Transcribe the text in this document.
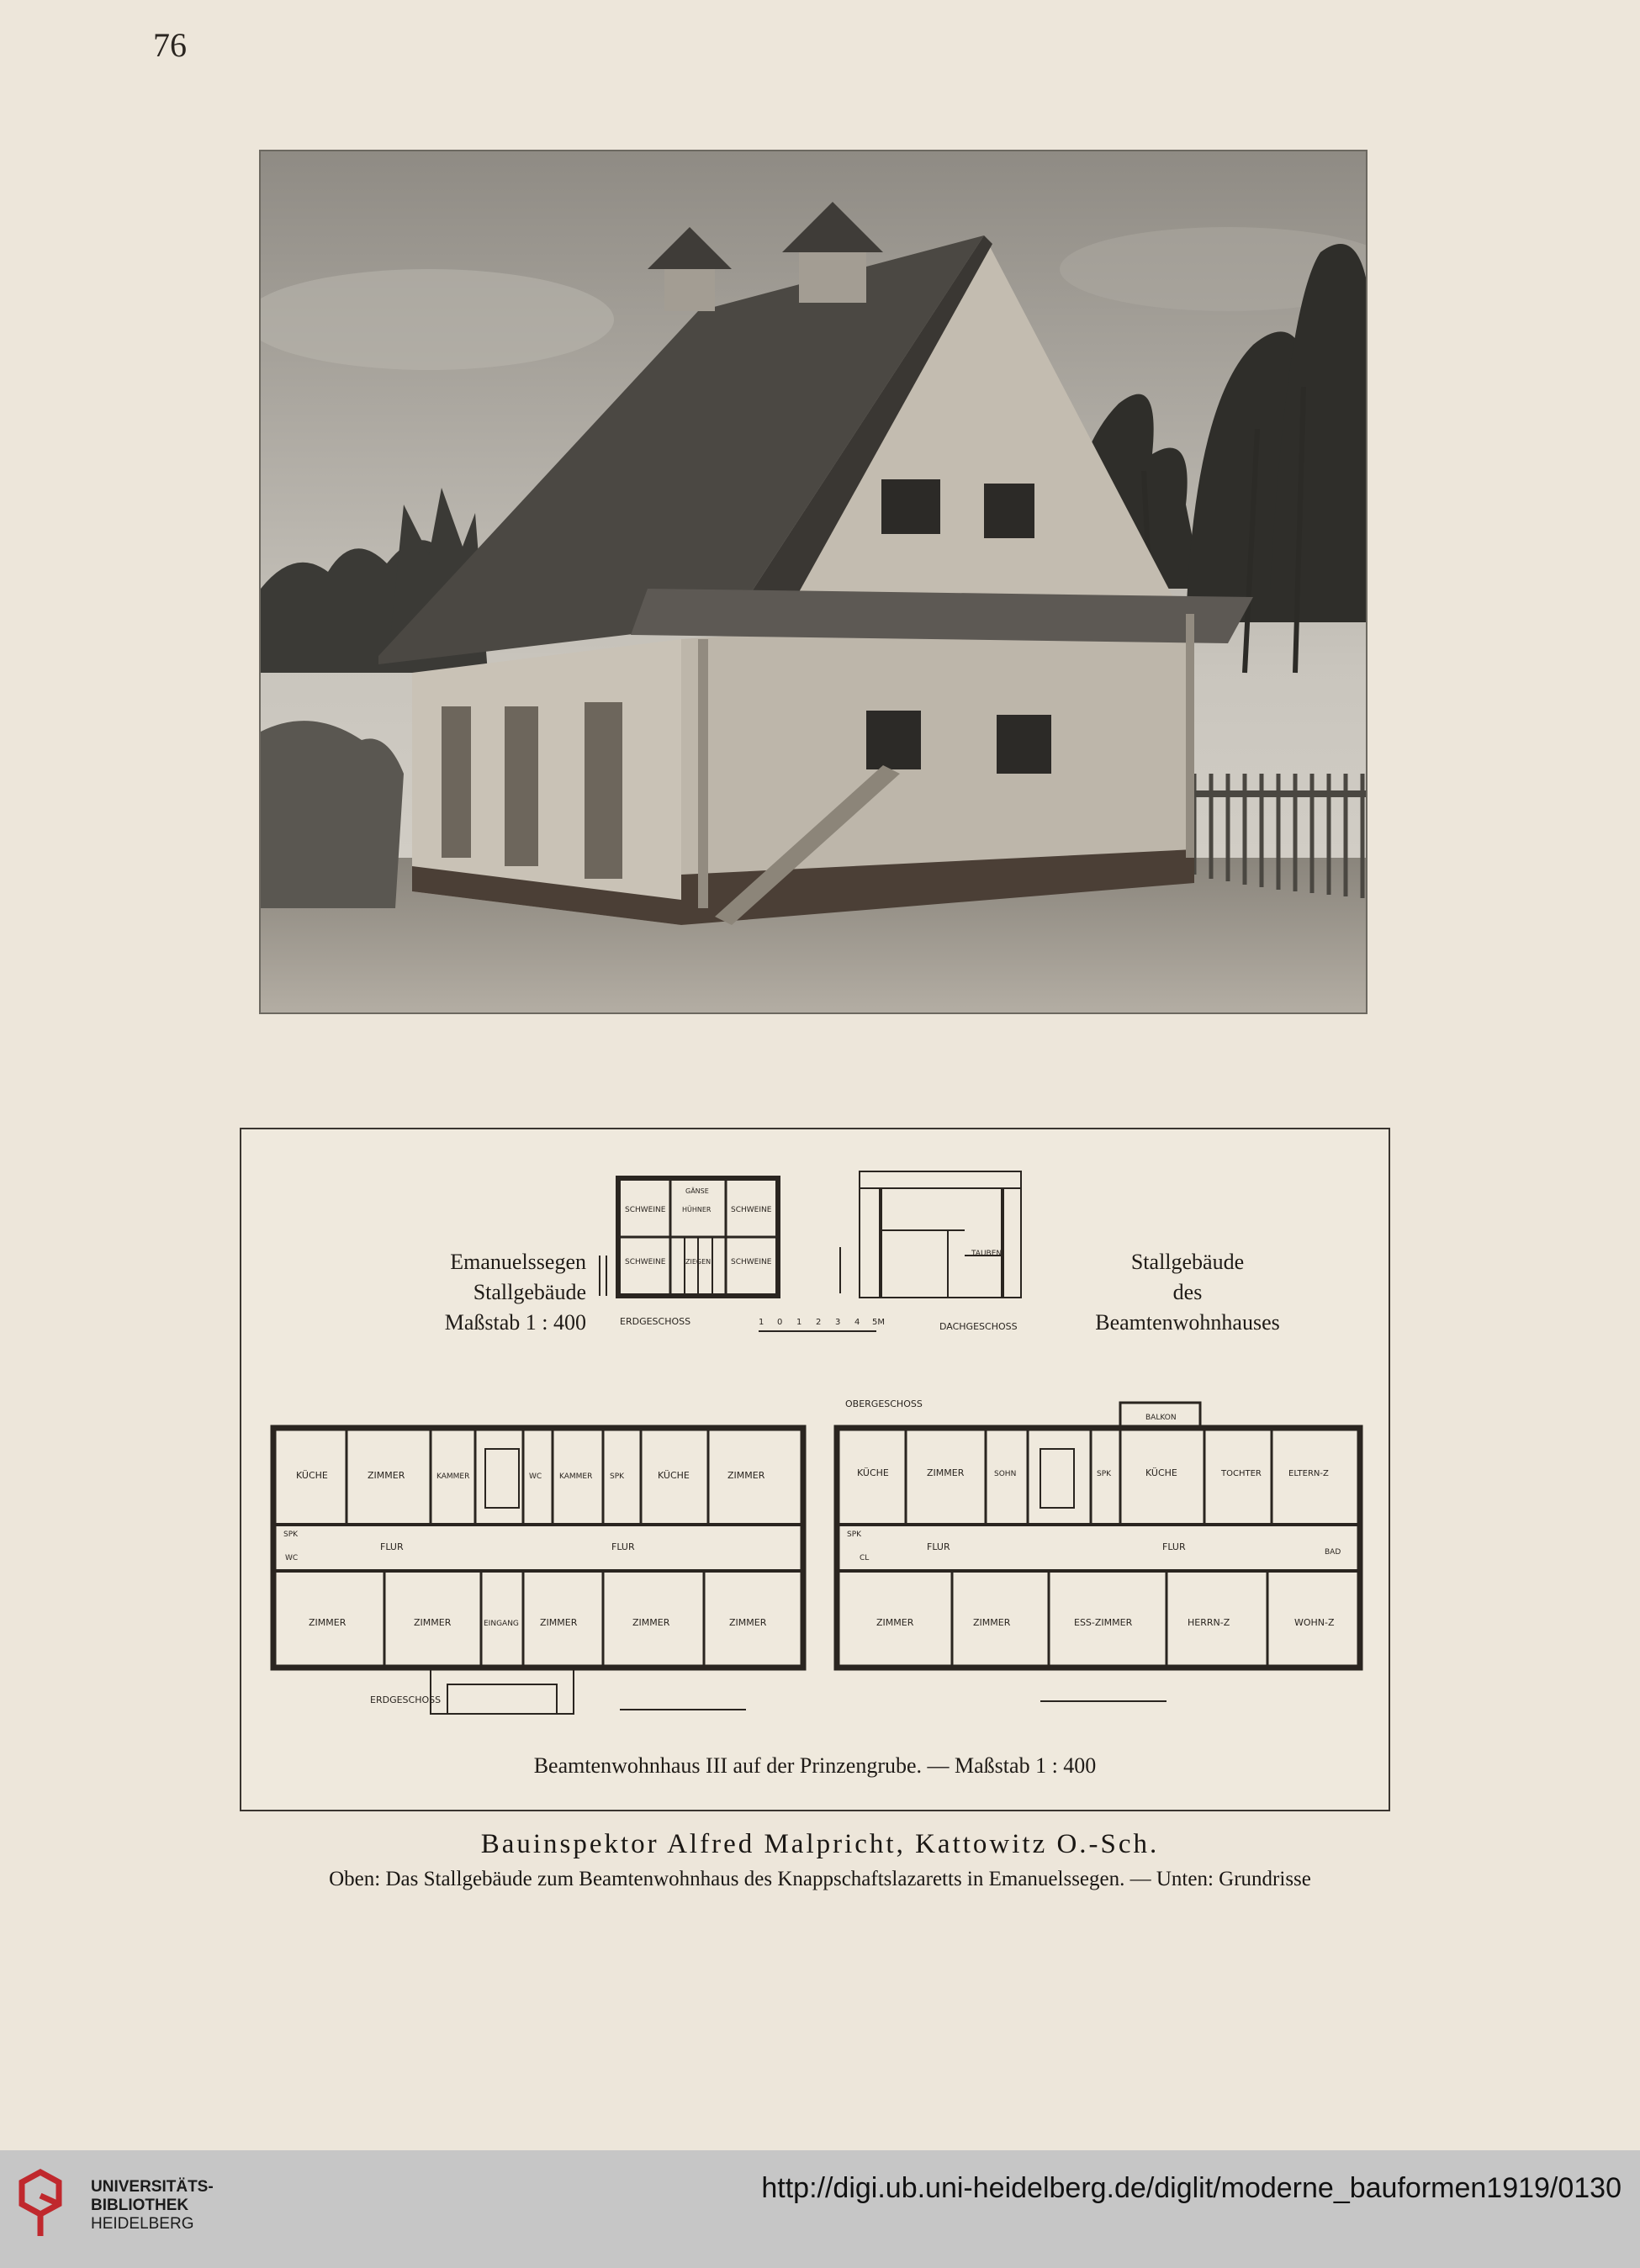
76
ERDGESCHOSS	DACHGESCHOSS
SCHWEINE	SCHWEINE
SCHWEINE	SCHWEINE
GÄNSE
HÜHNER
ZIEGEN
TAUBEN
OBERGESCHOSS
ERDGESCHOSS
BALKON
KÜCHE	ZIMMER	KAMMER	WC KAMMER SPK	KÜCHE	ZIMMER
SPK
WC
FLUR	FLUR
ZIMMER	ZIMMER	EINGANG ZIMMER	ZIMMER	ZIMMER
KÜCHE	ZIMMER	SOHN	SPK	KÜCHE	TOCHTER	ELTERN-Z
SPK
CL
FLUR	FLUR	BAD
ZIMMER	ZIMMER	ESS-ZIMMER	HERRN-Z	WOHN-Z
1 0 1 2 3 4 5M
Emanuelssegen
Stallgebäude
Maßstab 1 : 400
Stallgebäude
des
Beamtenwohnhauses
Beamtenwohnhaus III auf der Prinzengrube. — Maßstab 1 : 400
Bauinspektor Alfred Malpricht, Kattowitz O.-Sch.
Oben: Das Stallgebäude zum Beamtenwohnhaus des Knappschaftslazaretts in Emanuelssegen. — Unten: Grundrisse
UNIVERSITÄTS-
BIBLIOTHEK
HEIDELBERG
http://digi.ub.uni-heidelberg.de/diglit/moderne_bauformen1919/0130
